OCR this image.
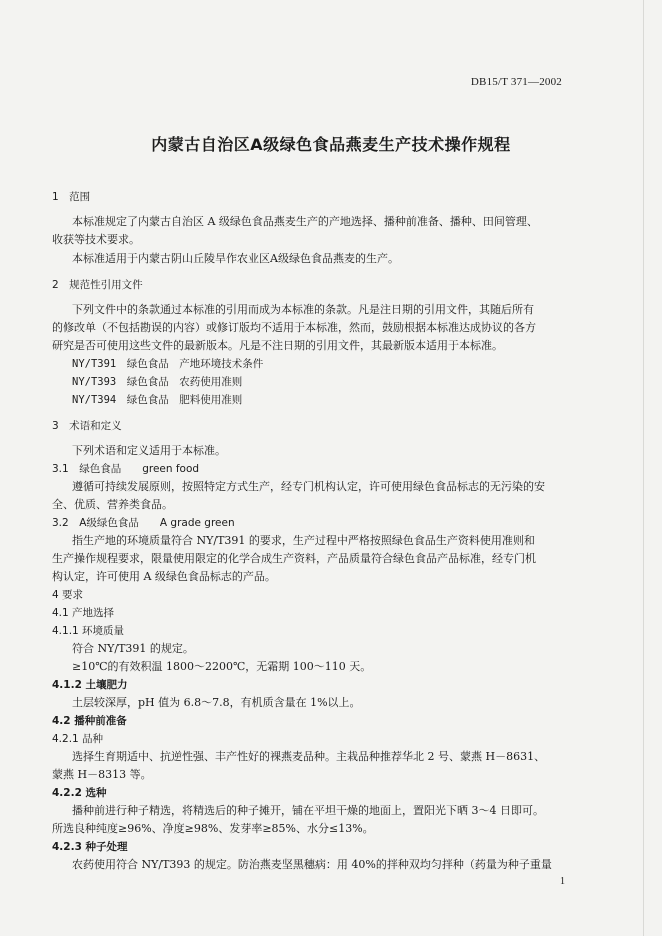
DB15/T 371—2002
内蒙古自治区A级绿色食品燕麦生产技术操作规程
1　范围
本标准规定了内蒙古自治区 A 级绿色食品燕麦生产的产地选择、播种前准备、播种、田间管理、
收获等技术要求。
本标准适用于内蒙古阴山丘陵旱作农业区A级绿色食品燕麦的生产。
2　规范性引用文件
下列文件中的条款通过本标准的引用而成为本标准的条款。凡是注日期的引用文件，其随后所有
的修改单（不包括勘误的内容）或修订版均不适用于本标准，然而，鼓励根据本标准达成协议的各方
研究是否可使用这些文件的最新版本。凡是不注日期的引用文件，其最新版本适用于本标准。
NY/T391　绿色食品　产地环境技术条件
NY/T393　绿色食品　农药使用准则
NY/T394　绿色食品　肥料使用准则
3　术语和定义
下列术语和定义适用于本标准。
3.1　绿色食品　　green food
遵循可持续发展原则，按照特定方式生产，经专门机构认定，许可使用绿色食品标志的无污染的安
全、优质、营养类食品。
3.2　A级绿色食品　　A grade green
指生产地的环境质量符合 NY/T391 的要求，生产过程中严格按照绿色食品生产资料使用准则和
生产操作规程要求，限量使用限定的化学合成生产资料，产品质量符合绿色食品产品标准，经专门机
构认定，许可使用 A 级绿色食品标志的产品。
4 要求
4.1 产地选择
4.1.1 环境质量
符合 NY/T391 的规定。
≥10℃的有效积温 1800～2200℃，无霜期 100～110 天。
4.1.2 土壤肥力
土层较深厚，pH 值为 6.8～7.8，有机质含量在 1%以上。
4.2 播种前准备
4.2.1 品种
选择生育期适中、抗逆性强、丰产性好的裸燕麦品种。主栽品种推荐华北 2 号、蒙燕 H－8631、
蒙燕 H－8313 等。
4.2.2 选种
播种前进行种子精选，将精选后的种子摊开，铺在平坦干燥的地面上，置阳光下晒 3～4 日即可。
所选良种纯度≥96%、净度≥98%、发芽率≥85%、水分≤13%。
4.2.3 种子处理
农药使用符合 NY/T393 的规定。防治燕麦坚黑穗病：用 40%的拌种双均匀拌种（药量为种子重量
1
